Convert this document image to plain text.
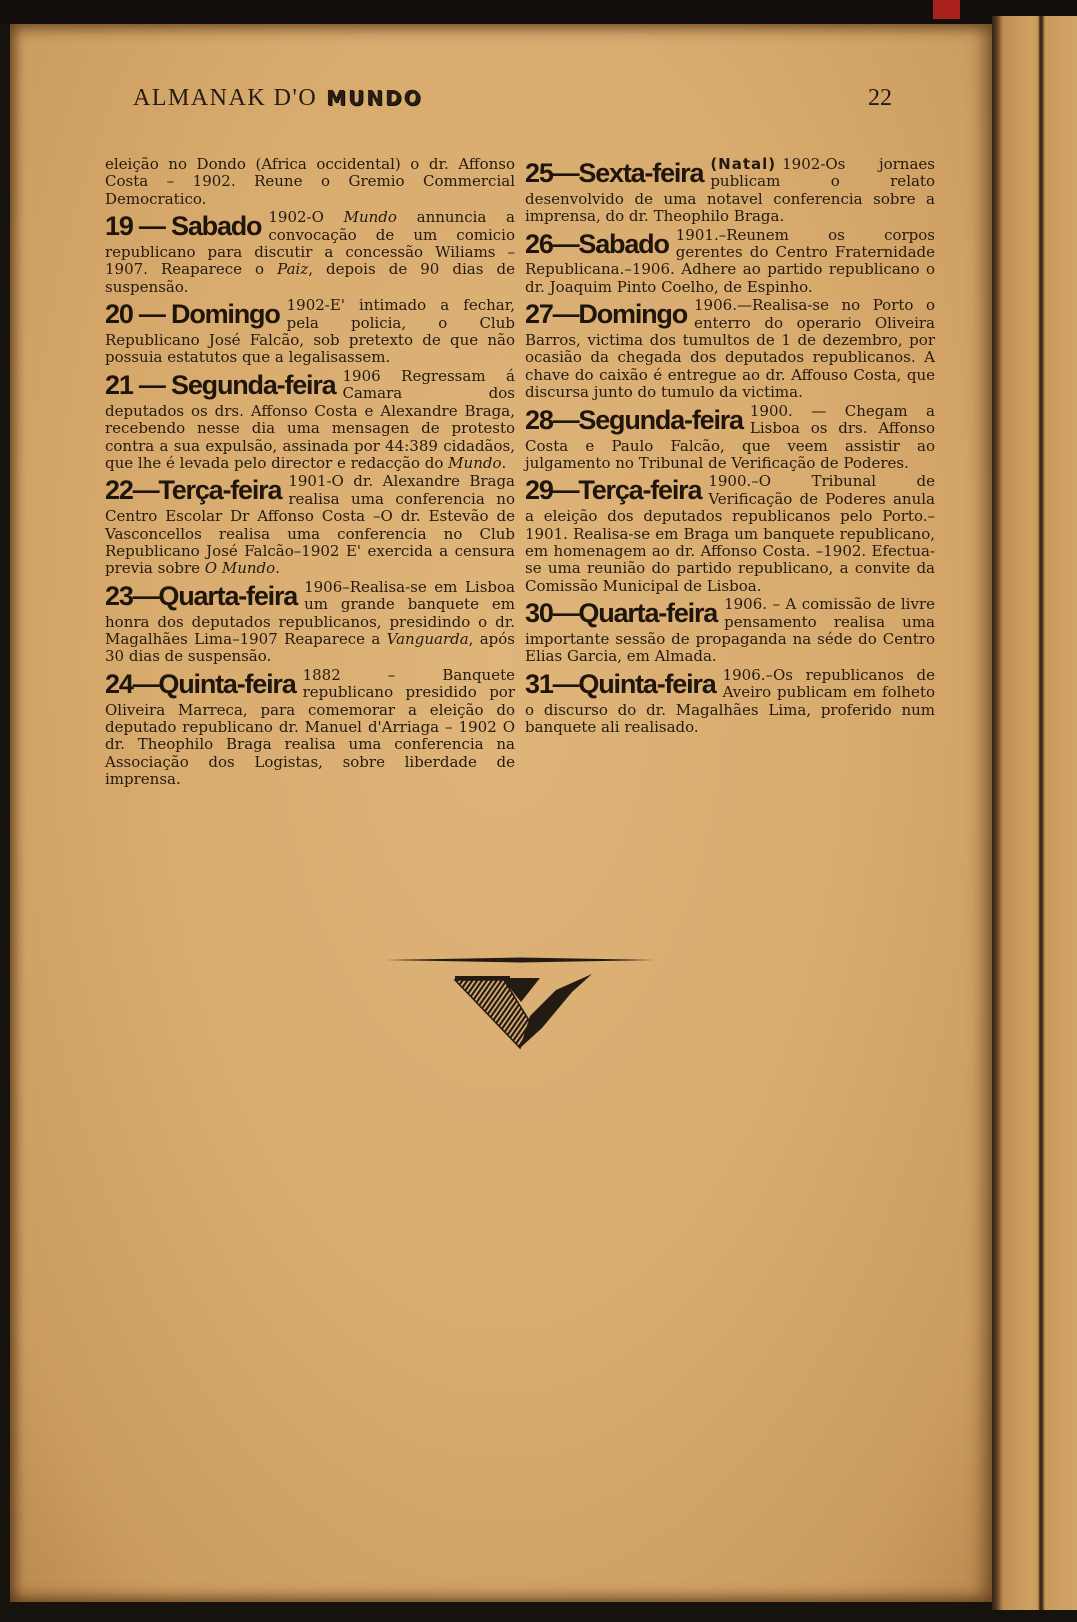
ALMANAK D'O MUNDO	22

eleição no Dondo (Africa occidental) o dr. Affonso Costa – 1902. Reune o Gremio Commercial Democratico.

19 — Sabado 1902-O Mundo annuncia a convocação de um comicio republicano para discutir a concessão Wiliams – 1907. Reaparece o Paiz, depois de 90 dias de suspensão.

20 — Domingo 1902-E' intimado a fechar, pela policia, o Club Republicano José Falcão, sob pretexto de que não possuia estatutos que a legalisassem.

21 — Segunda-feira 1906 Regressam á Camara dos deputados os drs. Affonso Costa e Alexandre Braga, recebendo nesse dia uma mensagen de protesto contra a sua expulsão, assinada por 44:389 cidadãos, que lhe é levada pelo director e redacção do Mundo.

22—Terça-feira 1901-O dr. Alexandre Braga realisa uma conferencia no Centro Escolar Dr Affonso Costa –O dr. Estevão de Vasconcellos realisa uma conferencia no Club Republicano José Falcão–1902 E' exercida a censura previa sobre O Mundo.

23—Quarta-feira 1906–Realisa-se em Lisboa um grande banquete em honra dos deputados republicanos, presidindo o dr. Magalhães Lima–1907 Reaparece a Vanguarda, após 30 dias de suspensão.

24—Quinta-feira 1882 – Banquete republicano presidido por Oliveira Marreca, para comemorar a eleição do deputado republicano dr. Manuel d'Arriaga – 1902 O dr. Theophilo Braga realisa uma conferencia na Associação dos Logistas, sobre liberdade de imprensa.

25—Sexta-feira (Natal) 1902-Os jornaes publicam o relato desenvolvido de uma notavel conferencia sobre a imprensa, do dr. Theophilo Braga.

26—Sabado 1901.–Reunem os corpos gerentes do Centro Fraternidade Republicana.–1906. Adhere ao partido republicano o dr. Joaquim Pinto Coelho, de Espinho.

27—Domingo 1906.—Realisa-se no Porto o enterro do operario Oliveira Barros, victima dos tumultos de 1 de dezembro, por ocasião da chegada dos deputados republicanos. A chave do caixão é entregue ao dr. Affouso Costa, que discursa junto do tumulo da victima.

28—Segunda-feira 1900. — Chegam a Lisboa os drs. Affonso Costa e Paulo Falcão, que veem assistir ao julgamento no Tribunal de Verificação de Poderes.

29—Terça-feira 1900.–O Tribunal de Verificação de Poderes anula a eleição dos deputados republicanos pelo Porto.–1901. Realisa-se em Braga um banquete republicano, em homenagem ao dr. Affonso Costa. –1902. Efectua-se uma reunião do partido republicano, a convite da Comissão Municipal de Lisboa.

30—Quarta-feira 1906. – A comissão de livre pensamento realisa uma importante sessão de propaganda na séde do Centro Elias Garcia, em Almada.

31—Quinta-feira 1906.–Os republicanos de Aveiro publicam em folheto o discurso do dr. Magalhães Lima, proferido num banquete ali realisado.
